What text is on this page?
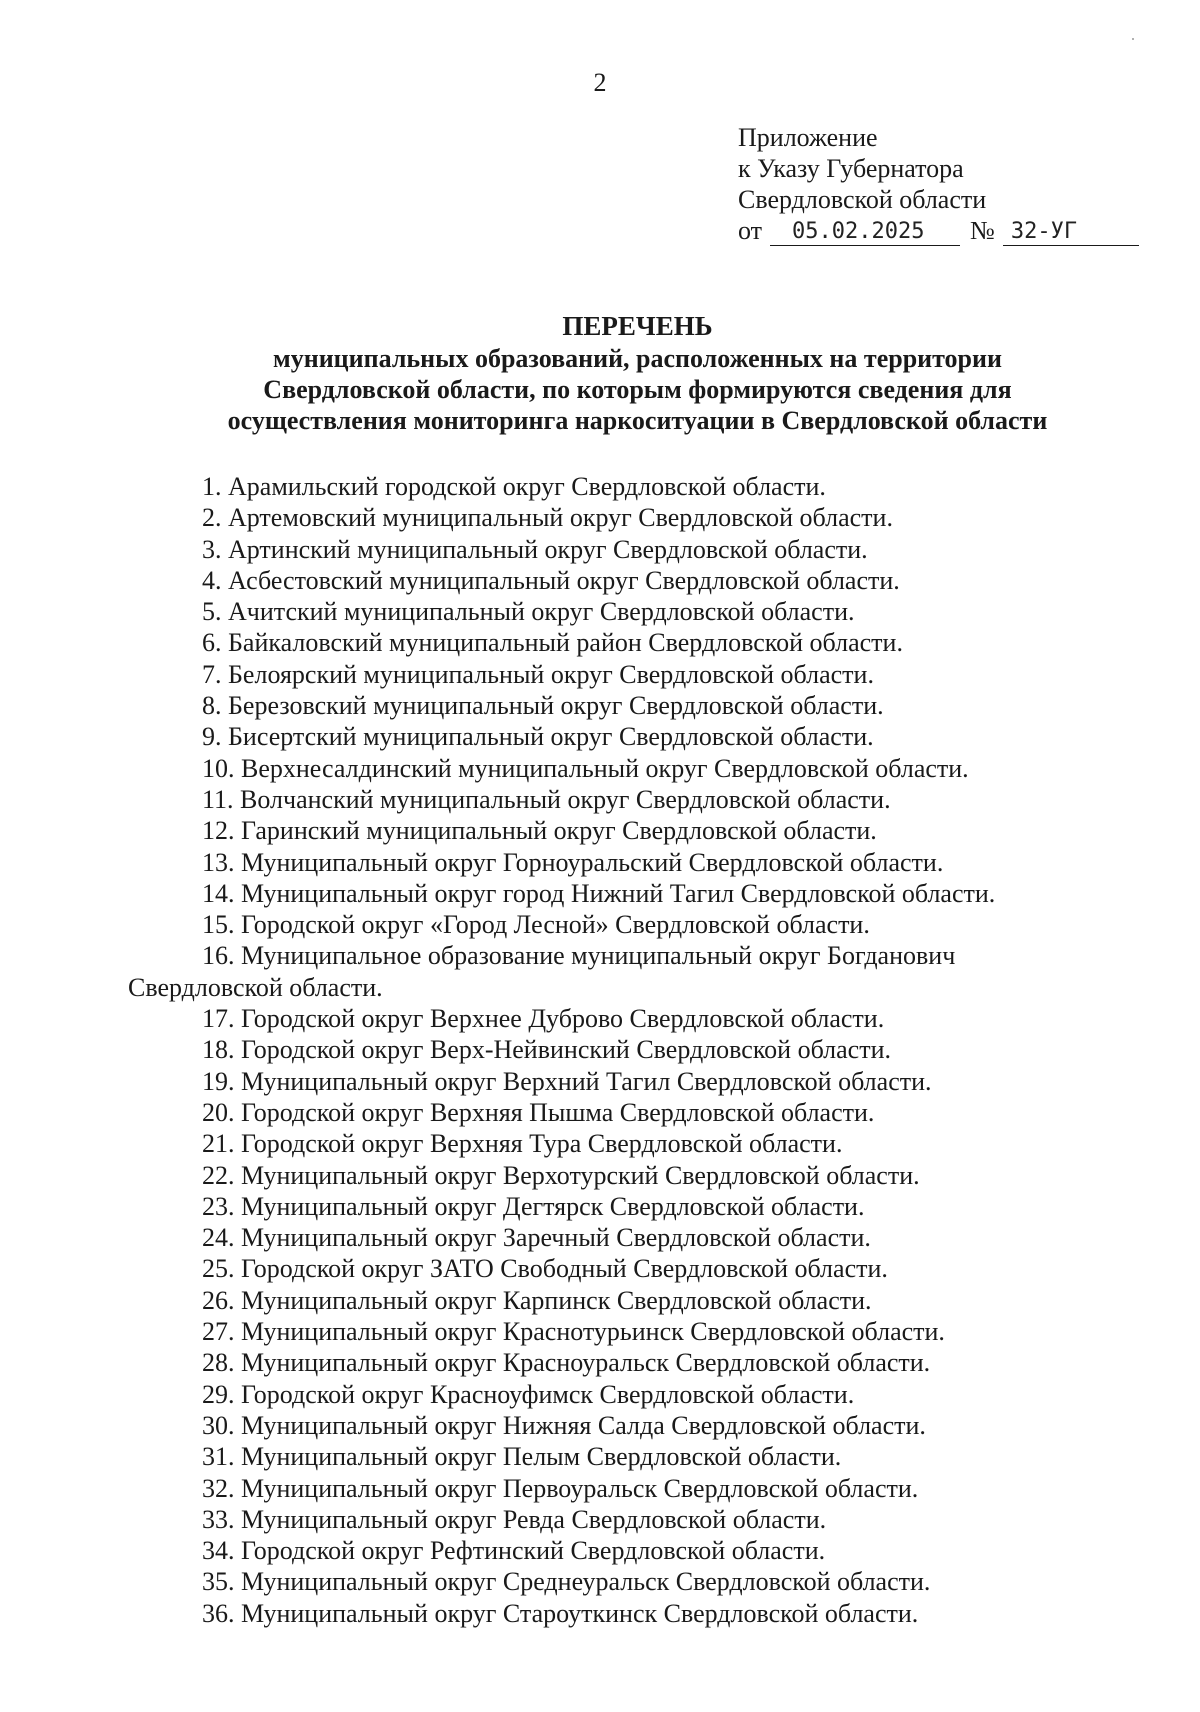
2
Приложение
к Указу Губернатора
Свердловской области
от	05.02.2025	№ 32-УГ
ПЕРЕЧЕНЬ
муниципальных образований, расположенных на территории
Свердловской области, по которым формируются сведения для
осуществления мониторинга наркоситуации в Свердловской области
1. Арамильский городской округ Свердловской области.
2. Артемовский муниципальный округ Свердловской области.
3. Артинский муниципальный округ Свердловской области.
4. Асбестовский муниципальный округ Свердловской области.
5. Ачитский муниципальный округ Свердловской области.
6. Байкаловский муниципальный район Свердловской области.
7. Белоярский муниципальный округ Свердловской области.
8. Березовский муниципальный округ Свердловской области.
9. Бисертский муниципальный округ Свердловской области.
10. Верхнесалдинский муниципальный округ Свердловской области.
11. Волчанский муниципальный округ Свердловской области.
12. Гаринский муниципальный округ Свердловской области.
13. Муниципальный округ Горноуральский Свердловской области.
14. Муниципальный округ город Нижний Тагил Свердловской области.
15. Городской округ «Город Лесной» Свердловской области.
16. Муниципальное образование муниципальный округ Богданович Свердловской области.
17. Городской округ Верхнее Дуброво Свердловской области.
18. Городской округ Верх-Нейвинский Свердловской области.
19. Муниципальный округ Верхний Тагил Свердловской области.
20. Городской округ Верхняя Пышма Свердловской области.
21. Городской округ Верхняя Тура Свердловской области.
22. Муниципальный округ Верхотурский Свердловской области.
23. Муниципальный округ Дегтярск Свердловской области.
24. Муниципальный округ Заречный Свердловской области.
25. Городской округ ЗАТО Свободный Свердловской области.
26. Муниципальный округ Карпинск Свердловской области.
27. Муниципальный округ Краснотурьинск Свердловской области.
28. Муниципальный округ Красноуральск Свердловской области.
29. Городской округ Красноуфимск Свердловской области.
30. Муниципальный округ Нижняя Салда Свердловской области.
31. Муниципальный округ Пелым Свердловской области.
32. Муниципальный округ Первоуральск Свердловской области.
33. Муниципальный округ Ревда Свердловской области.
34. Городской округ Рефтинский Свердловской области.
35. Муниципальный округ Среднеуральск Свердловской области.
36. Муниципальный округ Староуткинск Свердловской области.
